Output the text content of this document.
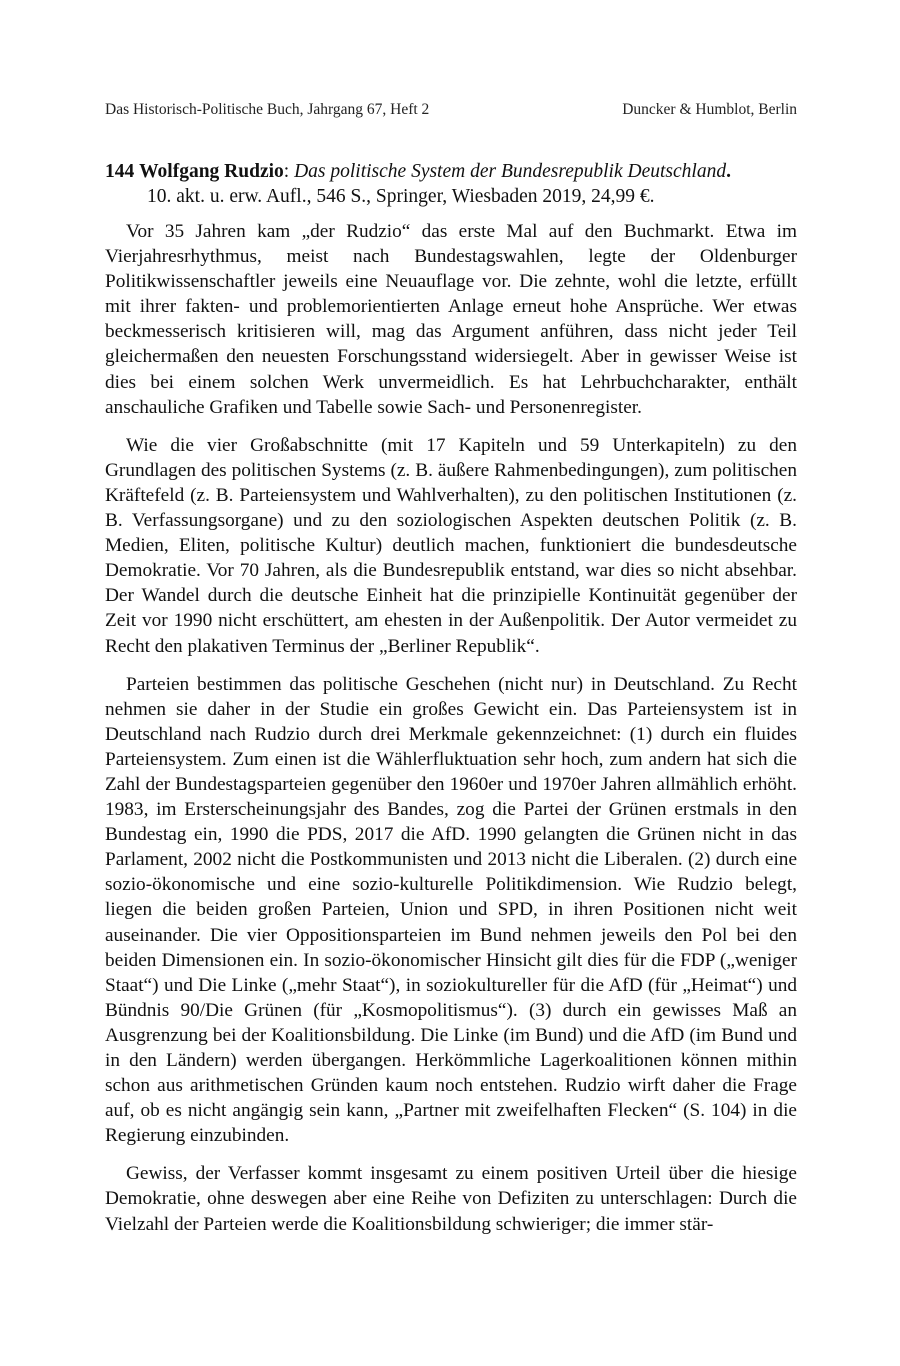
Das Historisch-Politische Buch, Jahrgang 67, Heft 2	Duncker & Humblot, Berlin

144 Wolfgang Rudzio: Das politische System der Bundesrepublik Deutschland.
10. akt. u. erw. Aufl., 546 S., Springer, Wiesbaden 2019, 24,99 €.

Vor 35 Jahren kam „der Rudzio“ das erste Mal auf den Buchmarkt. Etwa im Vierjahresrhythmus, meist nach Bundestagswahlen, legte der Oldenburger Politikwissenschaftler jeweils eine Neuauflage vor. Die zehnte, wohl die letzte, erfüllt mit ihrer fakten- und problemorientierten Anlage erneut hohe Ansprüche. Wer etwas beckmesserisch kritisieren will, mag das Argument anführen, dass nicht jeder Teil gleichermaßen den neuesten Forschungsstand widersiegelt. Aber in gewisser Weise ist dies bei einem solchen Werk unvermeidlich. Es hat Lehrbuchcharakter, enthält anschauliche Grafiken und Tabelle sowie Sach- und Personenregister.

Wie die vier Großabschnitte (mit 17 Kapiteln und 59 Unterkapiteln) zu den Grundlagen des politischen Systems (z. B. äußere Rahmenbedingungen), zum politischen Kräftefeld (z. B. Parteiensystem und Wahlverhalten), zu den politischen Institutionen (z. B. Verfassungsorgane) und zu den soziologischen Aspekten deutschen Politik (z. B. Medien, Eliten, politische Kultur) deutlich machen, funktioniert die bundesdeutsche Demokratie. Vor 70 Jahren, als die Bundesrepublik entstand, war dies so nicht absehbar. Der Wandel durch die deutsche Einheit hat die prinzipielle Kontinuität gegenüber der Zeit vor 1990 nicht erschüttert, am ehesten in der Außenpolitik. Der Autor vermeidet zu Recht den plakativen Terminus der „Berliner Republik“.

Parteien bestimmen das politische Geschehen (nicht nur) in Deutschland. Zu Recht nehmen sie daher in der Studie ein großes Gewicht ein. Das Parteiensystem ist in Deutschland nach Rudzio durch drei Merkmale gekennzeichnet: (1) durch ein fluides Parteiensystem. Zum einen ist die Wählerfluktuation sehr hoch, zum andern hat sich die Zahl der Bundestagsparteien gegenüber den 1960er und 1970er Jahren allmählich erhöht. 1983, im Ersterscheinungsjahr des Bandes, zog die Partei der Grünen erstmals in den Bundestag ein, 1990 die PDS, 2017 die AfD. 1990 gelangten die Grünen nicht in das Parlament, 2002 nicht die Postkommunisten und 2013 nicht die Liberalen. (2) durch eine sozio-ökonomische und eine sozio-kulturelle Politikdimension. Wie Rudzio belegt, liegen die beiden großen Parteien, Union und SPD, in ihren Positionen nicht weit auseinander. Die vier Oppositionsparteien im Bund nehmen jeweils den Pol bei den beiden Dimensionen ein. In sozio-ökonomischer Hinsicht gilt dies für die FDP („weniger Staat“) und Die Linke („mehr Staat“), in soziokultureller für die AfD (für „Heimat“) und Bündnis 90/Die Grünen (für „Kosmopolitismus“). (3) durch ein gewisses Maß an Ausgrenzung bei der Koalitionsbildung. Die Linke (im Bund) und die AfD (im Bund und in den Ländern) werden übergangen. Herkömmliche Lagerkoalitionen können mithin schon aus arithmetischen Gründen kaum noch entstehen. Rudzio wirft daher die Frage auf, ob es nicht angängig sein kann, „Partner mit zweifelhaften Flecken“ (S. 104) in die Regierung einzubinden.

Gewiss, der Verfasser kommt insgesamt zu einem positiven Urteil über die hiesige Demokratie, ohne deswegen aber eine Reihe von Defiziten zu unterschlagen: Durch die Vielzahl der Parteien werde die Koalitionsbildung schwieriger; die immer stär-
